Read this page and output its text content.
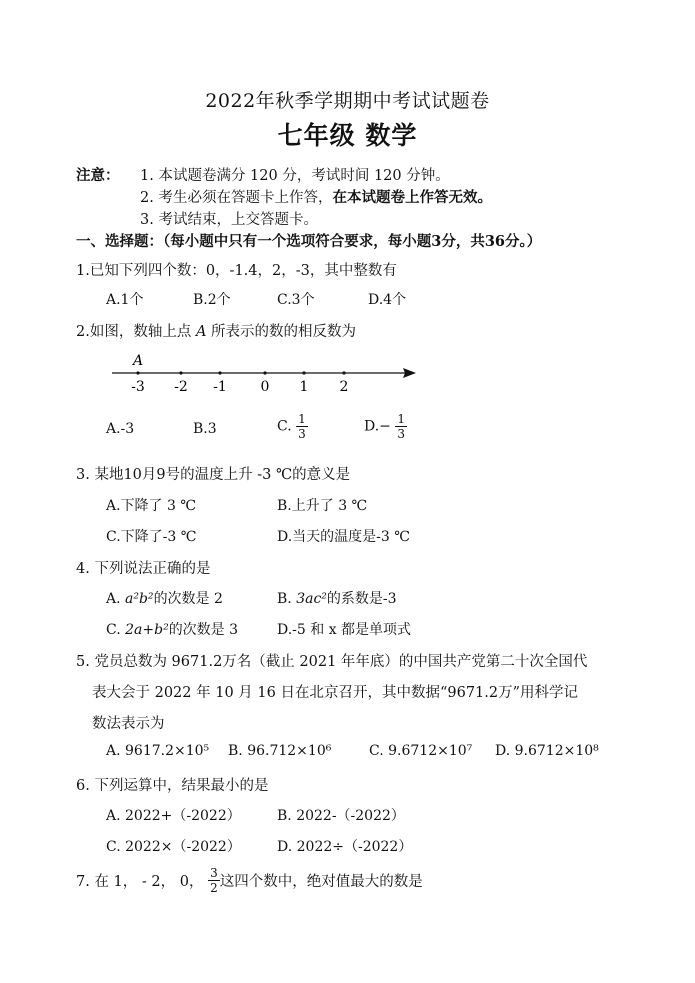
2022年秋季学期期中考试试题卷
七年级 数学
注意： 1. 本试题卷满分 120 分，考试时间 120 分钟。
2. 考生必须在答题卡上作答，在本试题卷上作答无效。
3. 考试结束，上交答题卡。
一、选择题：（每小题中只有一个选项符合要求，每小题3分，共36分。）
1.已知下列四个数：0，-1.4，2，-3，其中整数有
A.1个	B.2个	C.3个	D.4个
2.如图，数轴上点 A 所表示的数的相反数为
A
-3 -2 -1 0 1 2
A.-3	B.3	C. $\frac{1}{3}$	$D.- \frac{1}{3}$
3. 某地10月9号的温度上升 -3 ℃的意义是
A.下降了 3 ℃	B.上升了 3 ℃
C.下降了-3 ℃	D.当天的温度是-3 ℃
4. 下列说法正确的是
A. a²b²的次数是 2	B. 3ac²的系数是-3
C. 2a+b²的次数是 3	D.-5 和 x 都是单项式
5. 党员总数为 9671.2万名（截止 2021 年年底）的中国共产党第二十次全国代
表大会于 2022 年 10 月 16 日在北京召开，其中数据“9671.2万”用科学记
数法表示为
A. 9617.2×10⁵ B. 96.712×10⁶	C. 9.6712×10⁷ D. 9.6712×10⁸
6. 下列运算中，结果最小的是
A. 2022+（-2022）	B. 2022-（-2022）
C. 2022×（-2022）	D. 2022÷（-2022）
7. 在 1， - 2， 0， $\frac{3}{2}$ 这四个数中，绝对值最大的数是
